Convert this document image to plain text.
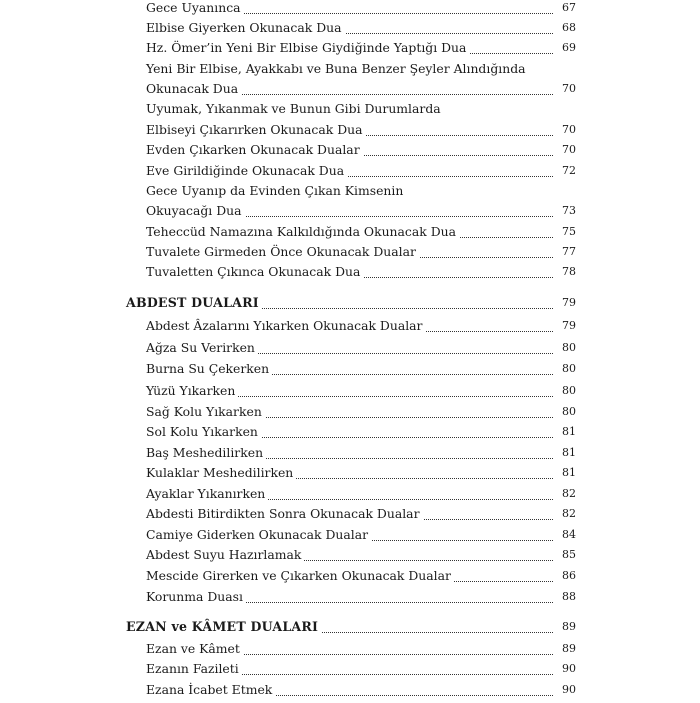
Gece Uyanınca	67
Elbise Giyerken Okunacak Dua	68
Hz. Ömer’in Yeni Bir Elbise Giydiğinde Yaptığı Dua	69
Yeni Bir Elbise, Ayakkabı ve Buna Benzer Şeyler Alındığında
Okunacak Dua	70
Uyumak, Yıkanmak ve Bunun Gibi Durumlarda
Elbiseyi Çıkarırken Okunacak Dua	70
Evden Çıkarken Okunacak Dualar	70
Eve Girildiğinde Okunacak Dua	72
Gece Uyanıp da Evinden Çıkan Kimsenin
Okuyacağı Dua	73
Teheccüd Namazına Kalkıldığında Okunacak Dua	75
Tuvalete Girmeden Önce Okunacak Dualar	77
Tuvaletten Çıkınca Okunacak Dua	78
ABDEST DUALARI	79
Abdest Âzalarını Yıkarken Okunacak Dualar	79
Ağza Su Verirken	80
Burna Su Çekerken	80
Yüzü Yıkarken	80
Sağ Kolu Yıkarken	80
Sol Kolu Yıkarken	81
Baş Meshedilirken	81
Kulaklar Meshedilirken	81
Ayaklar Yıkanırken	82
Abdesti Bitirdikten Sonra Okunacak Dualar	82
Camiye Giderken Okunacak Dualar	84
Abdest Suyu Hazırlamak	85
Mescide Girerken ve Çıkarken Okunacak Dualar	86
Korunma Duası	88
EZAN ve KÂMET DUALARI	89
Ezan ve Kâmet	89
Ezanın Fazileti	90
Ezana İcabet Etmek	90
